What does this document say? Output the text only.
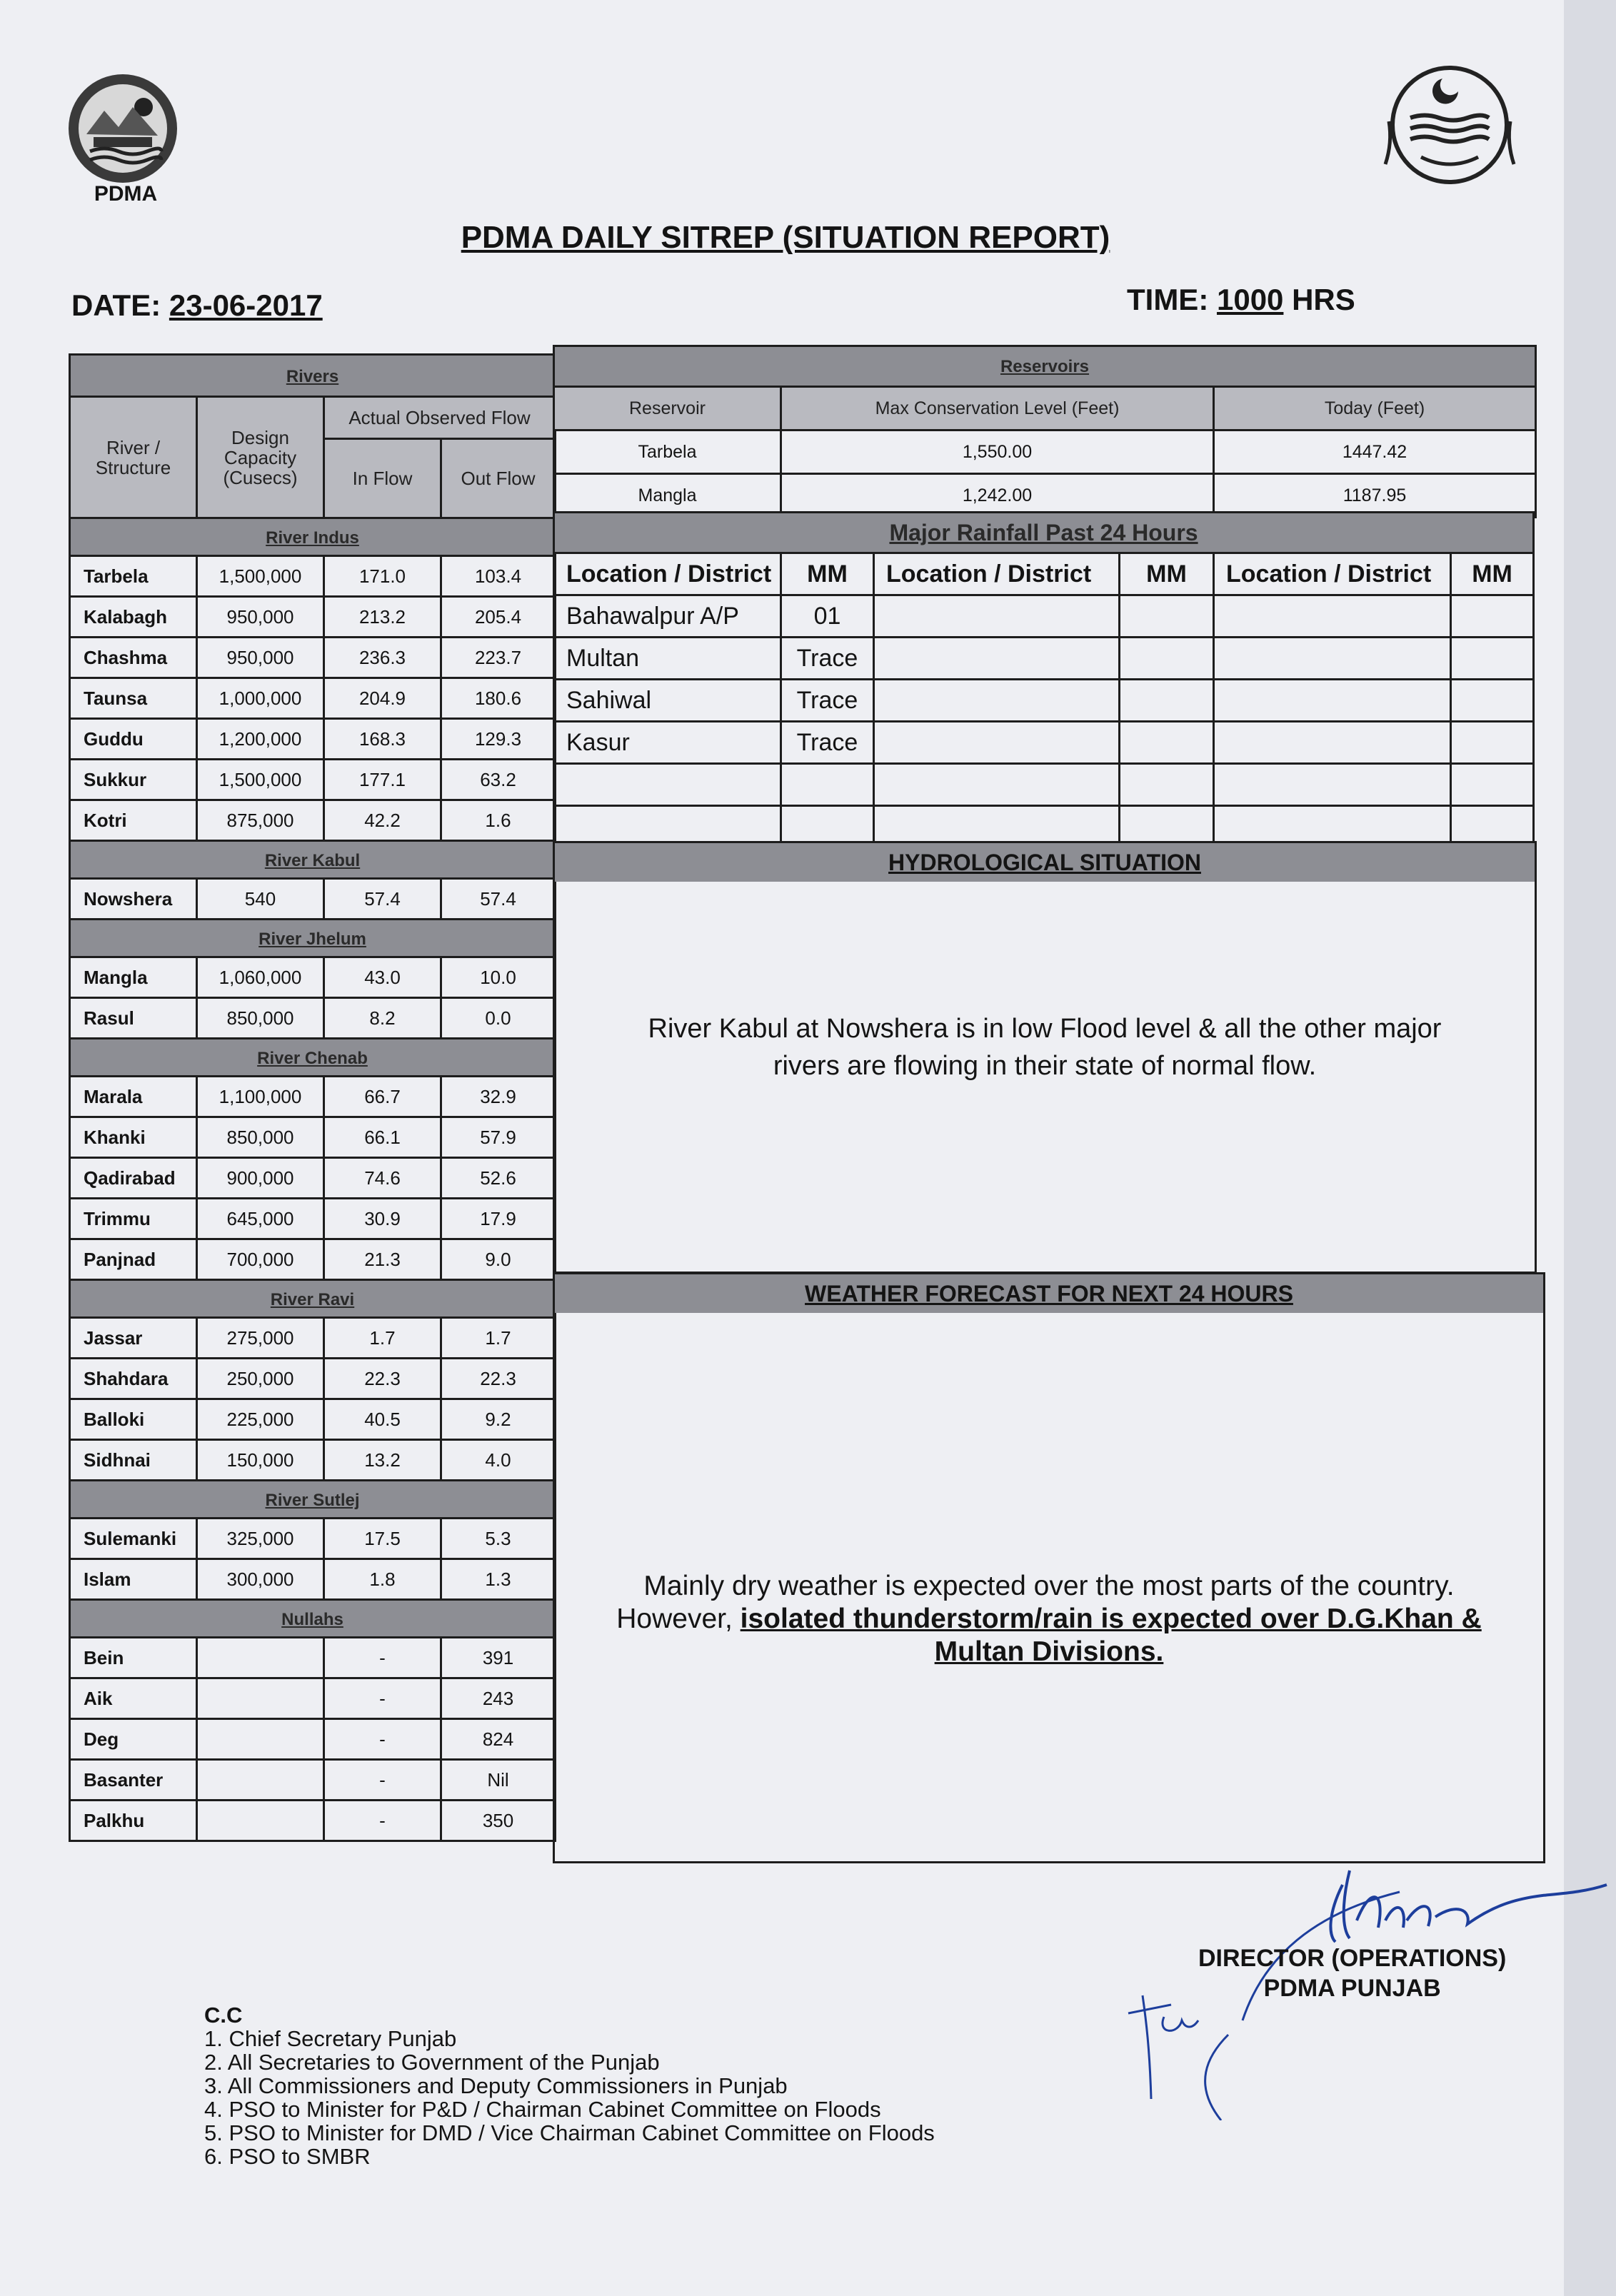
PDMA
PDMA DAILY SITREP (SITUATION REPORT)
DATE: 23-06-2017	TIME: 1000 HRS
Rivers			
River / Structure	Design Capacity (Cusecs)	Actual Observed Flow	
		In Flow	Out Flow
River Indus			
Tarbela	1,500,000	171.0	103.4
Kalabagh	950,000	213.2	205.4
Chashma	950,000	236.3	223.7
Taunsa	1,000,000	204.9	180.6
Guddu	1,200,000	168.3	129.3
Sukkur	1,500,000	177.1	63.2
Kotri	875,000	42.2	1.6
River Kabul			
Nowshera	540	57.4	57.4
River Jhelum			
Mangla	1,060,000	43.0	10.0
Rasul	850,000	8.2	0.0
River Chenab			
Marala	1,100,000	66.7	32.9
Khanki	850,000	66.1	57.9
Qadirabad	900,000	74.6	52.6
Trimmu	645,000	30.9	17.9
Panjnad	700,000	21.3	9.0
River Ravi			
Jassar	275,000	1.7	1.7
Shahdara	250,000	22.3	22.3
Balloki	225,000	40.5	9.2
Sidhnai	150,000	13.2	4.0
River Sutlej			
Sulemanki	325,000	17.5	5.3
Islam	300,000	1.8	1.3
Nullahs			
Bein		-	391
Aik		-	243
Deg		-	824
Basanter		-	Nil
Palkhu		-	350
Reservoirs		
Reservoir	Max Conservation Level (Feet)	Today (Feet)
Tarbela	1,550.00	1447.42
Mangla	1,242.00	1187.95
Major Rainfall Past 24 Hours					
Location / District	MM	Location / District	MM	Location / District	MM
Bahawalpur A/P	01				
Multan	Trace				
Sahiwal	Trace				
Kasur	Trace				

HYDROLOGICAL SITUATION
River Kabul at Nowshera is in low Flood level & all the other major
rivers are flowing in their state of normal flow.
WEATHER FORECAST FOR NEXT 24 HOURS
Mainly dry weather is expected over the most parts of the country.
However, isolated thunderstorm/rain is expected over D.G.Khan &
Multan Divisions.
DIRECTOR (OPERATIONS)
PDMA PUNJAB
C.C
1. Chief Secretary Punjab
2. All Secretaries to Government of the Punjab
3. All Commissioners and Deputy Commissioners in Punjab
4. PSO to Minister for P&D / Chairman Cabinet Committee on Floods
5. PSO to Minister for DMD / Vice Chairman Cabinet Committee on Floods
6. PSO to SMBR
